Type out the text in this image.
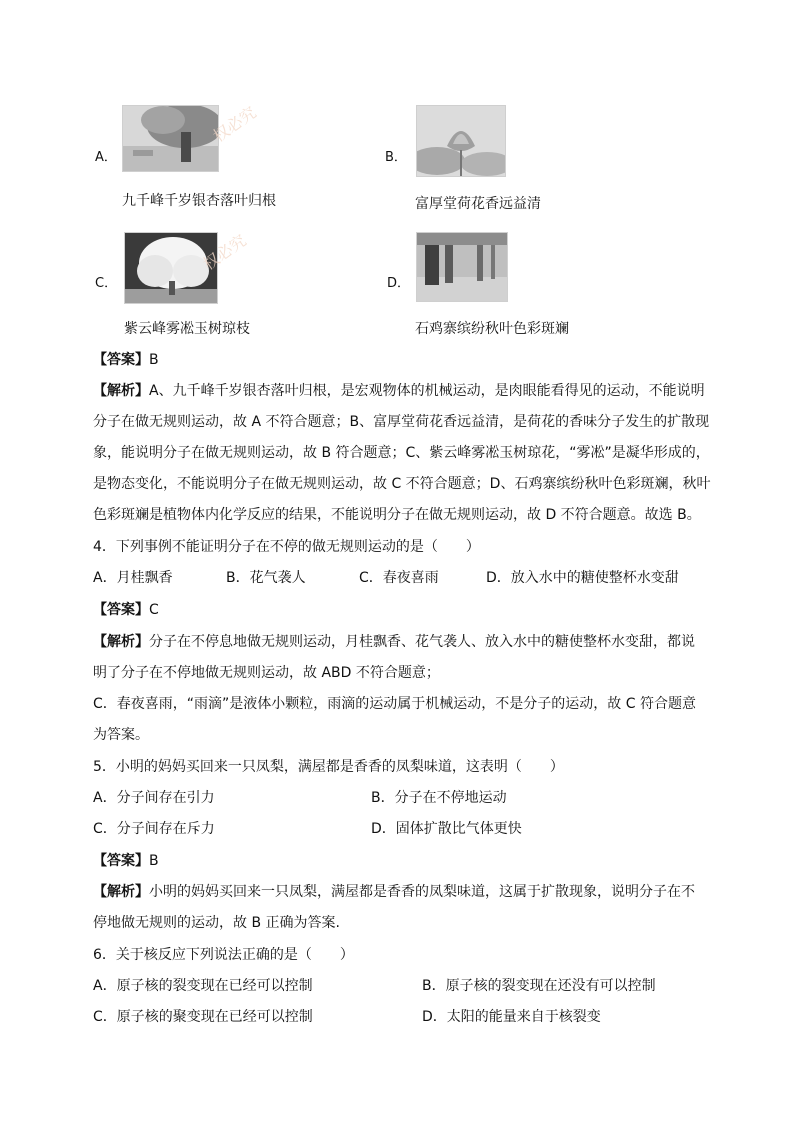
A．
九千峰千岁银杏落叶归根
B．
富厚堂荷花香远益清
C．
紫云峰雾凇玉树琼枝
D．
石鸡寨缤纷秋叶色彩斑斓
权必究
权必究
【答案】B
【解析】A、九千峰千岁银杏落叶归根，是宏观物体的机械运动，是肉眼能看得见的运动，不能说明
分子在做无规则运动，故 A 不符合题意；B、富厚堂荷花香远益清，是荷花的香味分子发生的扩散现
象，能说明分子在做无规则运动，故 B 符合题意；C、紫云峰雾凇玉树琼花，“雾凇”是凝华形成的，
是物态变化，不能说明分子在做无规则运动，故 C 不符合题意；D、石鸡寨缤纷秋叶色彩斑斓，秋叶
色彩斑斓是植物体内化学反应的结果，不能说明分子在做无规则运动，故 D 不符合题意。故选 B。
4．下列事例不能证明分子在不停的做无规则运动的是（　　）
A．月桂飘香	B．花气袭人	C．春夜喜雨	D．放入水中的糖使整杯水变甜
【答案】C
【解析】分子在不停息地做无规则运动，月桂飘香、花气袭人、放入水中的糖使整杯水变甜，都说
明了分子在不停地做无规则运动，故 ABD 不符合题意；
C．春夜喜雨，“雨滴”是液体小颗粒，雨滴的运动属于机械运动，不是分子的运动，故 C 符合题意
为答案。
5．小明的妈妈买回来一只凤梨，满屋都是香香的凤梨味道，这表明（　　）
A．分子间存在引力	B．分子在不停地运动
C．分子间存在斥力	D．固体扩散比气体更快
【答案】B
【解析】小明的妈妈买回来一只凤梨，满屋都是香香的凤梨味道，这属于扩散现象，说明分子在不
停地做无规则的运动，故 B 正确为答案.
6．关于核反应下列说法正确的是（　　）
A．原子核的裂变现在已经可以控制	B．原子核的裂变现在还没有可以控制
C．原子核的聚变现在已经可以控制	D．太阳的能量来自于核裂变
